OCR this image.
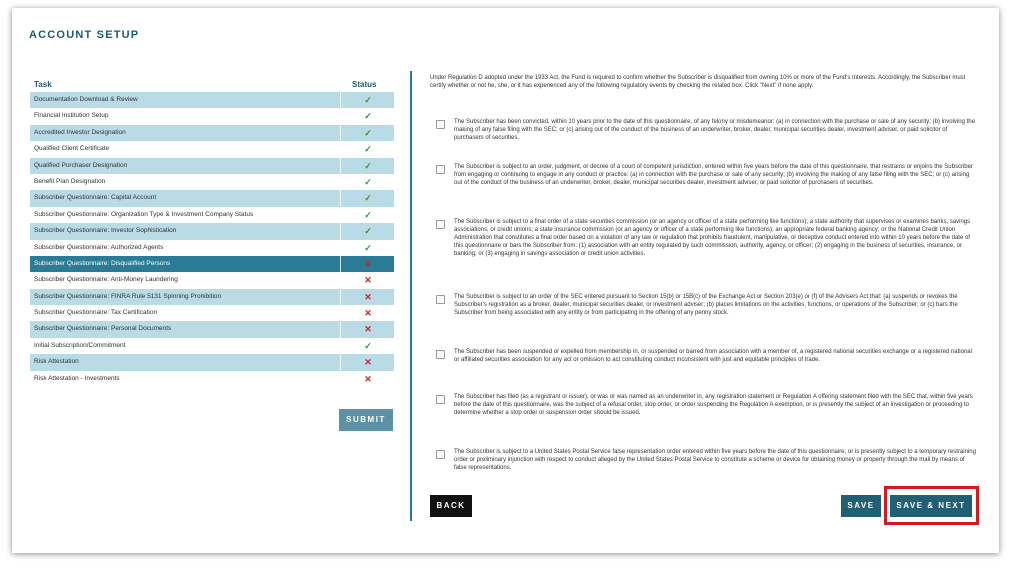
ACCOUNT SETUP
Task	Status
Documentation Download & Review	✓
Financial Institution Setup	✓
Accredited Investor Designation	✓
Qualified Client Certificate	✓
Qualified Purchaser Designation	✓
Benefit Plan Designation	✓
Subscriber Questionnaire: Capital Account	✓
Subscriber Questionnaire: Organization Type & Investment Company Status	✓
Subscriber Questionnaire: Investor Sophistication	✓
Subscriber Questionnaire: Authorized Agents	✓
Subscriber Questionnaire: Disqualified Persons	✕
Subscriber Questionnaire: Anti-Money Laundering	✕
Subscriber Questionnaire: FINRA Rule 5131 Spinning Prohibition	✕
Subscriber Questionnaire: Tax Certification	✕
Subscriber Questionnaire: Personal Documents	✕
Initial Subscription/Commitment	✓
Risk Attestation	✕
Risk Attestation - Investments	✕
SUBMIT
Under Regulation D adopted under the 1933 Act, the Fund is required to confirm whether the Subscriber is disqualified from owning 10% or more of the Fund's Interests. Accordingly, the Subscriber must certify whether or not he, she, or it has experienced any of the following regulatory events by checking the related box. Click "Next" if none apply.
The Subscriber has been convicted, within 10 years prior to the date of this questionnaire, of any felony or misdemeanor: (a) in connection with the purchase or sale of any security; (b) involving the making of any false filing with the SEC; or (c) arising out of the conduct of the business of an underwriter, broker, dealer, municipal securities dealer, investment adviser, or paid solicitor of purchasers of securities.
The Subscriber is subject to an order, judgment, or decree of a court of competent jurisdiction, entered within five years before the date of this questionnaire, that restrains or enjoins the Subscriber from engaging or continuing to engage in any conduct or practice: (a) in connection with the purchase or sale of any security; (b) involving the making of any false filing with the SEC; or (c) arising out of the conduct of the business of an underwriter, broker, dealer, municipal securities dealer, investment adviser, or paid solicitor of purchasers of securities.
The Subscriber is subject to a final order of a state securities commission (or an agency or officer of a state performing like functions); a state authority that supervises or examines banks, savings associations, or credit unions; a state insurance commission (or an agency or officer of a state performing like functions); an appropriate federal banking agency; or the National Credit Union Administration that constitutes a final order based on a violation of any law or regulation that prohibits fraudulent, manipulative, or deceptive conduct entered into within 10 years before the date of this questionnaire or bars the Subscriber from: (1) association with an entity regulated by such commission, authority, agency, or officer; (2) engaging in the business of securities, insurance, or banking; or (3) engaging in savings association or credit union activities.
The Subscriber is subject to an order of the SEC entered pursuant to Section 15(b) or 15B(c) of the Exchange Act or Section 203(e) or (f) of the Advisers Act that: (a) suspends or revokes the Subscriber's registration as a broker, dealer, municipal securities dealer, or investment adviser; (b) places limitations on the activities, functions, or operations of the Subscriber; or (c) bars the Subscriber from being associated with any entity or from participating in the offering of any penny stock.
The Subscriber has been suspended or expelled from membership in, or suspended or barred from association with a member of, a registered national securities exchange or a registered national or affiliated securities association for any act or omission to act constituting conduct inconsistent with just and equitable principles of trade.
The Subscriber has filed (as a registrant or issuer), or was or was named as an underwriter in, any registration statement or Regulation A offering statement filed with the SEC that, within five years before the date of this questionnaire, was the subject of a refusal order, stop order, or order suspending the Regulation A exemption, or is presently the subject of an investigation or proceeding to determine whether a stop order or suspension order should be issued.
The Subscriber is subject to a United States Postal Service false representation order entered within five years before the date of this questionnaire, or is presently subject to a temporary restraining order or preliminary injunction with respect to conduct alleged by the United States Postal Service to constitute a scheme or device for obtaining money or property through the mail by means of false representations.
BACK	SAVE	SAVE & NEXT
